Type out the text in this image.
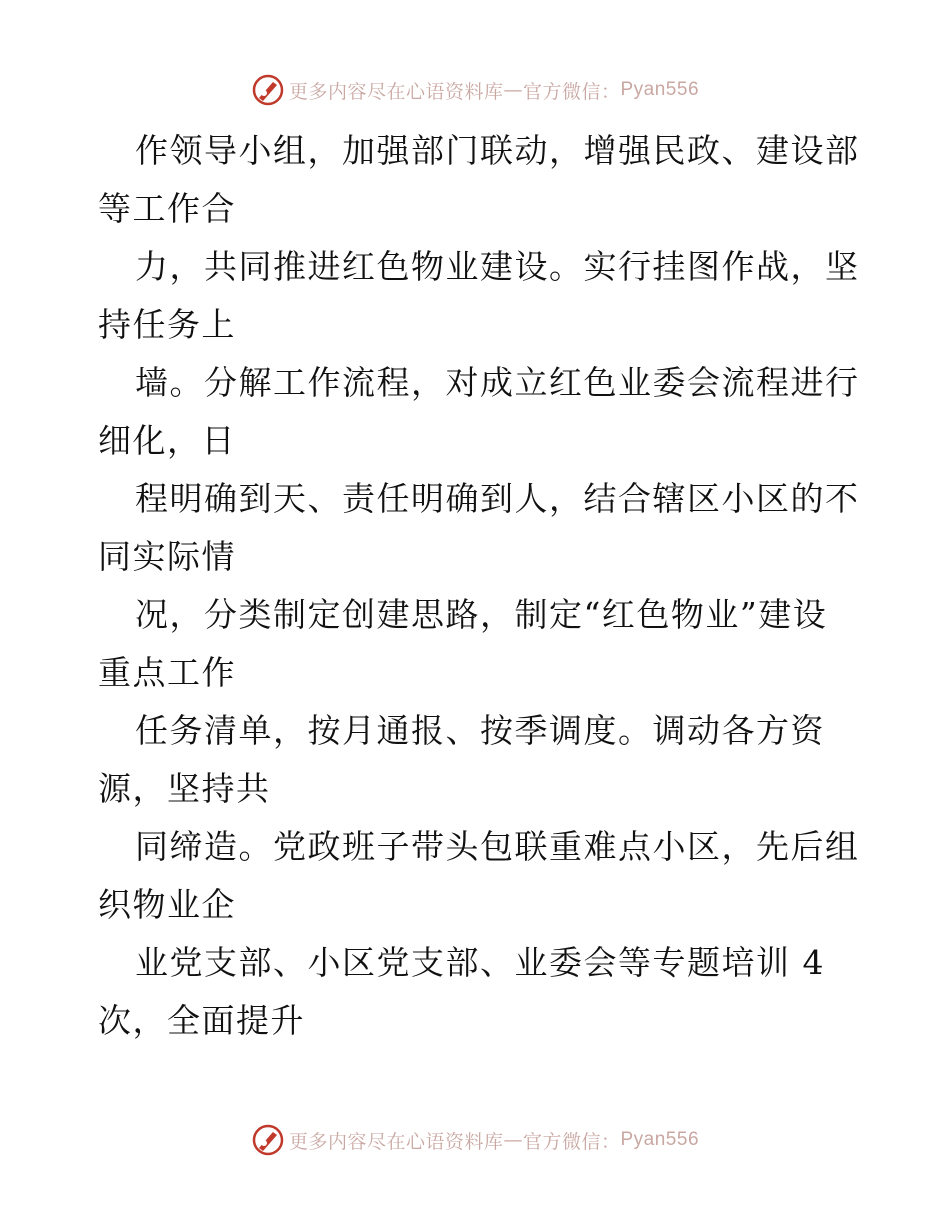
更多内容尽在心语资料库 — 官方微信： Pyan556
作领导小组，加强部门联动，增强民政、建设部
等工作合
力，共同推进红色物业建设。实行挂图作战，坚
持任务上
墙。分解工作流程，对成立红色业委会流程进行
细化，日
程明确到天、责任明确到人，结合辖区小区的不
同实际情
况，分类制定创建思路，制定“红色物业”建设
重点工作
任务清单，按月通报、按季调度。调动各方资
源，坚持共
同缔造。党政班子带头包联重难点小区，先后组
织物业企
业党支部、小区党支部、业委会等专题培训 4
次，全面提升
更多内容尽在心语资料库 — 官方微信： Pyan556
